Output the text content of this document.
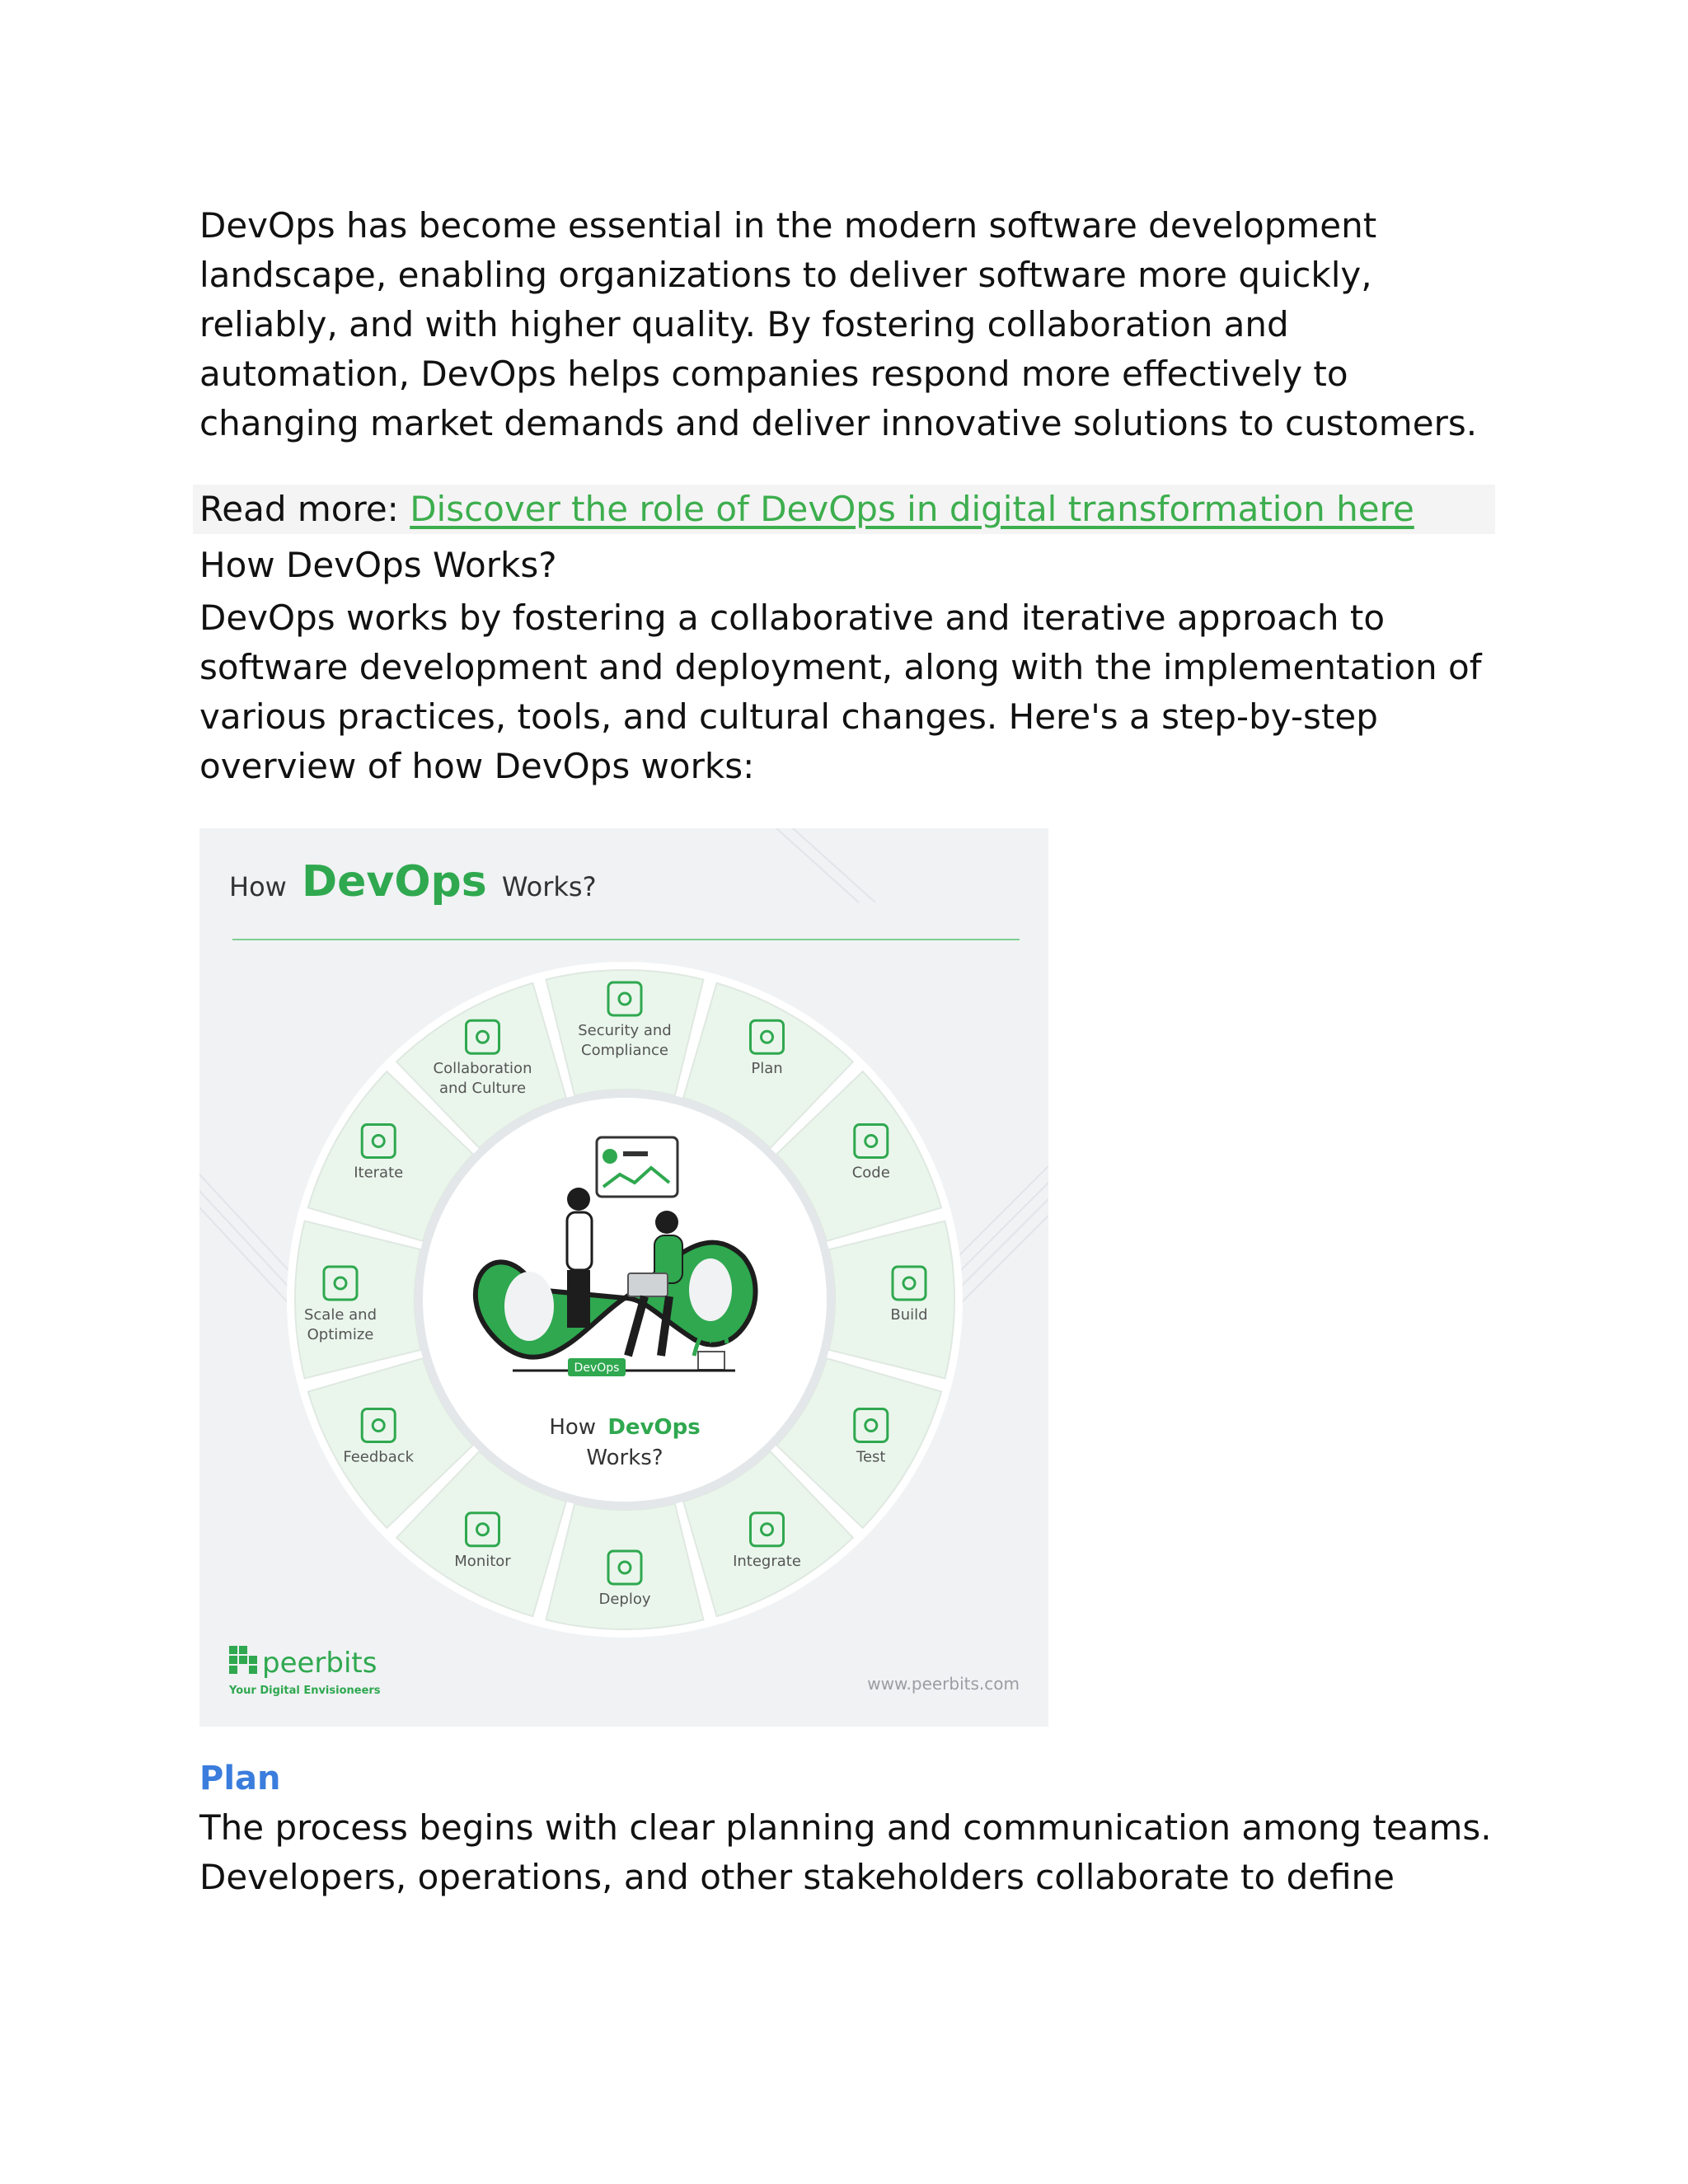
DevOps has become essential in the modern software development landscape, enabling organizations to deliver software more quickly, reliably, and with higher quality. By fostering collaboration and automation, DevOps helps companies respond more effectively to changing market demands and deliver innovative solutions to customers.

Read more: Discover the role of DevOps in digital transformation here

How DevOps Works?

DevOps works by fostering a collaborative and iterative approach to software development and deployment, along with the implementation of various practices, tools, and cultural changes. Here's a step-by-step overview of how DevOps works:

How DevOps Works?
Security and
Compliance
Plan
Code
Build
Test
Integrate
Deploy
Monitor
Feedback
Scale and
Optimize
Iterate
Collaboration
and Culture
DevOps
How DevOps
Works?
peerbits
Your Digital Envisioneers	www.peerbits.com

Plan

The process begins with clear planning and communication among teams. Developers, operations, and other stakeholders collaborate to define
